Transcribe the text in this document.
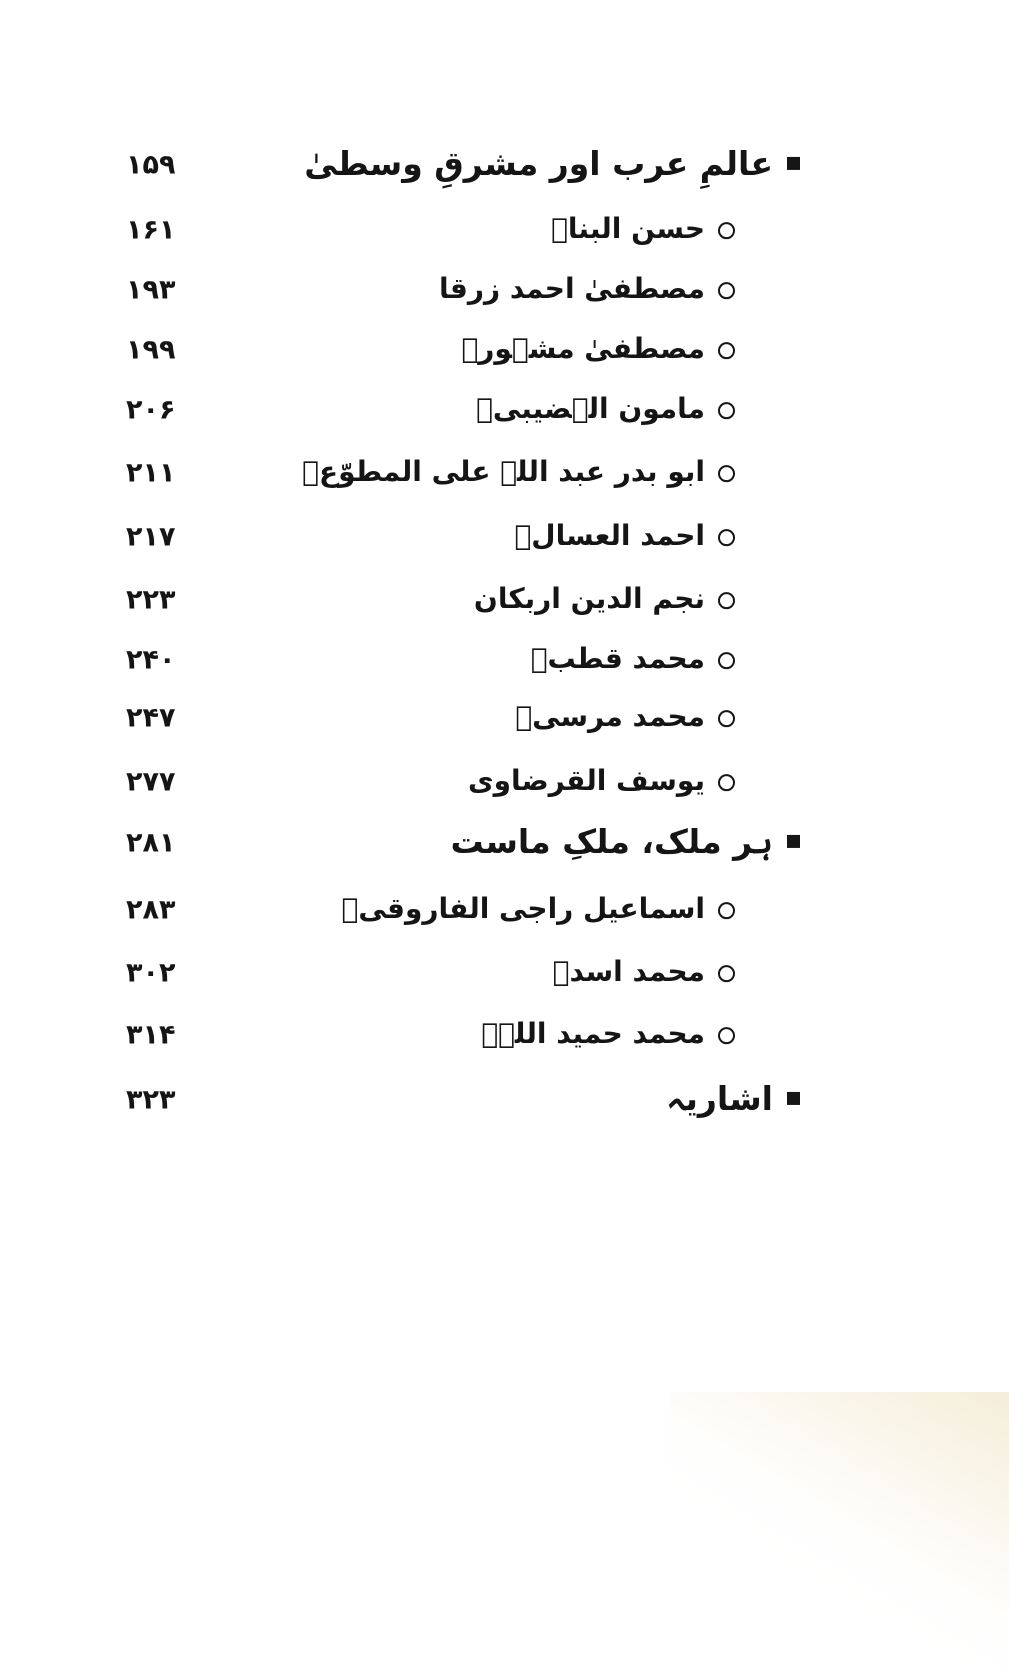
۱۵۹	عالمِ عرب اور مشرقِ وسطیٰ
۱۶۱	حسن البناؒ
۱۹۳	مصطفیٰ احمد زرقا
۱۹۹	مصطفیٰ مشہورؒ
۲۰۶	مامون الہضیبیؒ
۲۱۱	ابو بدر عبد اللہ علی المطوّعؒ
۲۱۷	احمد العسالؒ
۲۲۳	نجم الدین اربکان
۲۴۰	محمد قطبؒ
۲۴۷	محمد مرسیؒ
۲۷۷	یوسف القرضاوی
۲۸۱	ہر ملک، ملکِ ماست
۲۸۳	اسماعیل راجی الفاروقیؒ
۳۰۲	محمد اسدؒ
۳۱۴	محمد حمید اللہؒ
۳۲۳	اشاریہ
